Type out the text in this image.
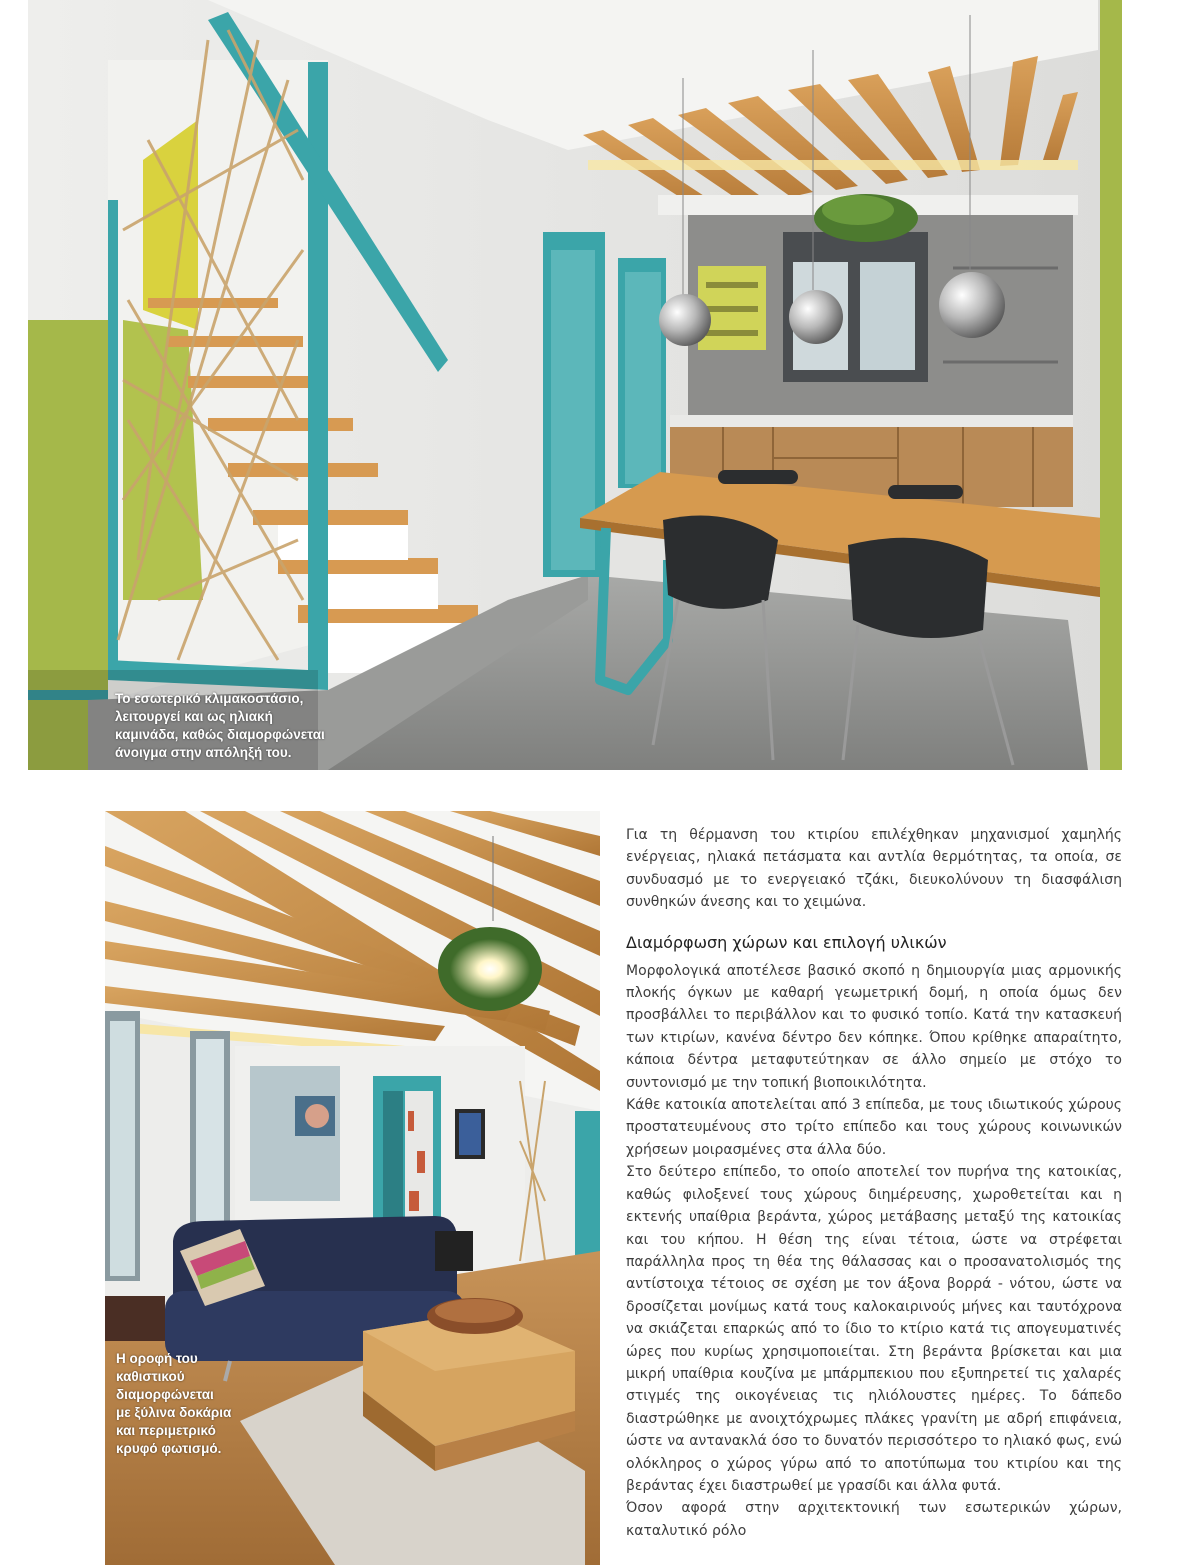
Το εσωτερικό κλιμακοστάσιο,

λειτουργεί και ως ηλιακή

καμινάδα, καθώς διαμορφώνεται

άνοιγμα στην απόληξή του.

Η οροφή του

καθιστικού

διαμορφώνεται

με ξύλινα δοκάρια

και περιμετρικό

κρυφό φωτισμό.

Για τη θέρμανση του κτιρίου επιλέχθηκαν μηχανισμοί χαμηλής ενέργειας, ηλιακά πετάσματα και αντλία θερμότητας, τα οποία, σε συνδυασμό με το ενεργειακό τζάκι, διευκολύνουν τη διασφάλιση συνθηκών άνεσης και το χειμώνα.

Διαμόρφωση χώρων και επιλογή υλικών

Μορφολογικά αποτέλεσε βασικό σκοπό η δημιουργία μιας αρμονικής πλοκής όγκων με καθαρή γεωμετρική δομή, η οποία όμως δεν προσβάλλει το περιβάλλον και το φυσικό τοπίο. Κατά την κατασκευή των κτιρίων, κανένα δέντρο δεν κόπηκε. Όπου κρίθηκε απαραίτητο, κάποια δέντρα μεταφυτεύτηκαν σε άλλο σημείο με στόχο το συντονισμό με την τοπική βιοποικιλότητα.

Κάθε κατοικία αποτελείται από 3 επίπεδα, με τους ιδιωτικούς χώρους προστατευμένους στο τρίτο επίπεδο και τους χώρους κοινωνικών χρήσεων μοιρασμένες στα άλλα δύο.

Στο δεύτερο επίπεδο, το οποίο αποτελεί τον πυρήνα της κατοικίας, καθώς φιλοξενεί τους χώρους διημέρευσης, χωροθετείται και η εκτενής υπαίθρια βεράντα, χώρος μετάβασης μεταξύ της κατοικίας και του κήπου. Η θέση της είναι τέτοια, ώστε να στρέφεται παράλληλα προς τη θέα της θάλασσας και ο προσανατολισμός της αντίστοιχα τέτοιος σε σχέση με τον άξονα βορρά - νότου, ώστε να δροσίζεται μονίμως κατά τους καλοκαιρινούς μήνες και ταυτόχρονα να σκιάζεται επαρκώς από το ίδιο το κτίριο κατά τις απογευματινές ώρες που κυρίως χρησιμοποιείται. Στη βεράντα βρίσκεται και μια μικρή υπαίθρια κουζίνα με μπάρμπεκιου που εξυπηρετεί τις χαλαρές στιγμές της οικογένειας τις ηλιόλουστες ημέρες. Το δάπεδο διαστρώθηκε με ανοιχτόχρωμες πλάκες γρανίτη με αδρή επιφάνεια, ώστε να αντανακλά όσο το δυνατόν περισσότερο το ηλιακό φως, ενώ ολόκληρος ο χώρος γύρω από το αποτύπωμα του κτιρίου και της βεράντας έχει διαστρωθεί με γρασίδι και άλλα φυτά.

Όσον αφορά στην αρχιτεκτονική των εσωτερικών χώρων, καταλυτικό ρόλο
